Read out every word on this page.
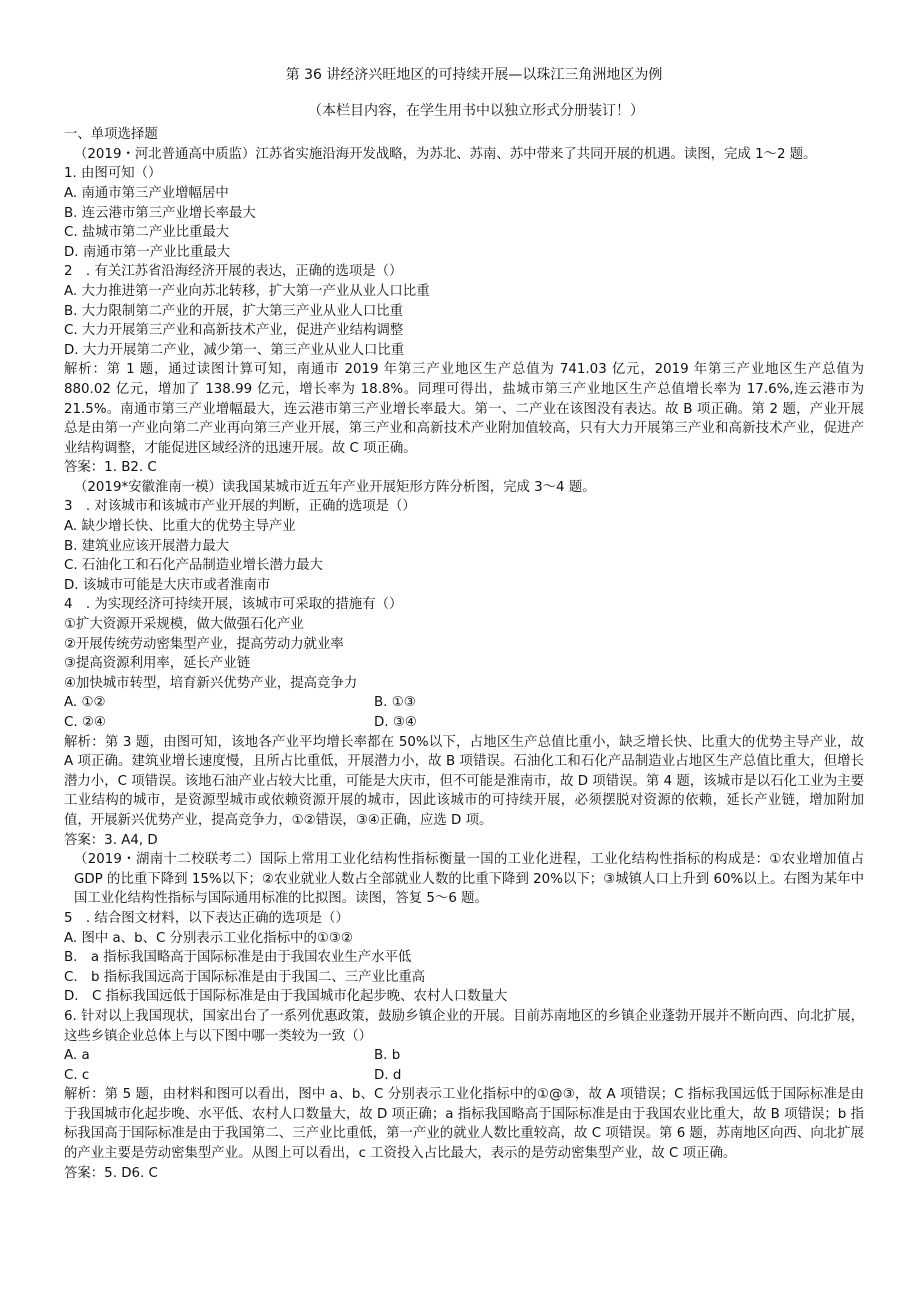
第 36 讲经济兴旺地区的可持续开展—以珠江三角洲地区为例
（本栏目内容，在学生用书中以独立形式分册装订！）
一、单项选择题
（2019・河北普通高中质监）江苏省实施沿海开发战略，为苏北、苏南、苏中带来了共同开展的机遇。读图，完成 1～2 题。
1. 由图可知（）
A. 南通市第三产业增幅居中
B. 连云港市第三产业增长率最大
C. 盐城市第二产业比重最大
D. 南通市第一产业比重最大
2　. 有关江苏省沿海经济开展的表达，正确的选项是（）
A. 大力推进第一产业向苏北转移，扩大第一产业从业人口比重
B. 大力限制第二产业的开展，扩大第三产业从业人口比重
C. 大力开展第三产业和高新技术产业，促进产业结构调整
D. 大力开展第二产业，减少第一、第三产业从业人口比重
解析：第 1 题，通过读图计算可知，南通市 2019 年第三产业地区生产总值为 741.03 亿元，2019 年第三产业地区生产总值为 880.02 亿元，增加了 138.99 亿元，增长率为 18.8%。同理可得出，盐城市第三产业地区生产总值增长率为 17.6%,连云港市为 21.5%。南通市第三产业增幅最大，连云港市第三产业增长率最大。第一、二产业在该图没有表达。故 B 项正确。第 2 题，产业开展总是由第一产业向第二产业再向第三产业开展，第三产业和高新技术产业附加值较高，只有大力开展第三产业和高新技术产业，促进产业结构调整，才能促进区域经济的迅速开展。故 C 项正确。
答案：1. B2. C
（2019*安徽淮南一模）读我国某城市近五年产业开展矩形方阵分析图，完成 3～4 题。
3　. 对该城市和该城市产业开展的判断，正确的选项是（）
A. 缺少增长快、比重大的优势主导产业
B. 建筑业应该开展潜力最大
C. 石油化工和石化产品制造业增长潜力最大
D. 该城市可能是大庆市或者淮南市
4　. 为实现经济可持续开展，该城市可采取的措施有（）
①扩大资源开采规模，做大做强石化产业
②开展传统劳动密集型产业，提高劳动力就业率
③提高资源利用率，延长产业链
④加快城市转型，培育新兴优势产业，提高竞争力
A. ①②	B. ①③
C. ②④	D. ③④
解析：第 3 题，由图可知，该地各产业平均增长率都在 50%以下，占地区生产总值比重小，缺乏增长快、比重大的优势主导产业，故 A 项正确。建筑业增长速度慢，且所占比重低，开展潜力小，故 B 项错误。石油化工和石化产品制造业占地区生产总值比重大，但增长潜力小，C 项错误。该地石油产业占较大比重，可能是大庆市，但不可能是淮南市，故 D 项错误。第 4 题，该城市是以石化工业为主要工业结构的城市，是资源型城市或依赖资源开展的城市，因此该城市的可持续开展，必须摆脱对资源的依赖，延长产业链，增加附加值，开展新兴优势产业，提高竞争力，①②错误，③④正确，应选 D 项。
答案：3. A4, D
（2019・湖南十二校联考二）国际上常用工业化结构性指标衡量一国的工业化进程，工业化结构性指标的构成是：①农业增加值占 GDP 的比重下降到 15%以下；②农业就业人数占全部就业人数的比重下降到 20%以下；③城镇人口上升到 60%以上。右图为某年中国工业化结构性指标与国际通用标准的比拟图。读图，答复 5～6 题。
5　. 结合图文材料，以下表达正确的选项是（）
A. 图中 a、b、C 分别表示工业化指标中的①③②
B.　a 指标我国略高于国际标准是由于我国农业生产水平低
C.　b 指标我国远高于国际标准是由于我国二、三产业比重高
D.　C 指标我国远低于国际标准是由于我国城市化起步晚、农村人口数量大
6. 针对以上我国现状，国家出台了一系列优惠政策，鼓励乡镇企业的开展。目前苏南地区的乡镇企业蓬勃开展并不断向西、向北扩展，这些乡镇企业总体上与以下图中哪一类较为一致（）
A. a	B. b
C. c	D. d
解析：第 5 题，由材料和图可以看出，图中 a、b、C 分别表示工业化指标中的①@③，故 A 项错误；C 指标我国远低于国际标准是由于我国城市化起步晚、水平低、农村人口数量大，故 D 项正确；a 指标我国略高于国际标准是由于我国农业比重大，故 B 项错误；b 指标我国高于国际标准是由于我国第二、三产业比重低，第一产业的就业人数比重较高，故 C 项错误。第 6 题，苏南地区向西、向北扩展的产业主要是劳动密集型产业。从图上可以看出，c 工资投入占比最大，表示的是劳动密集型产业，故 C 项正确。
答案：5. D6. C
